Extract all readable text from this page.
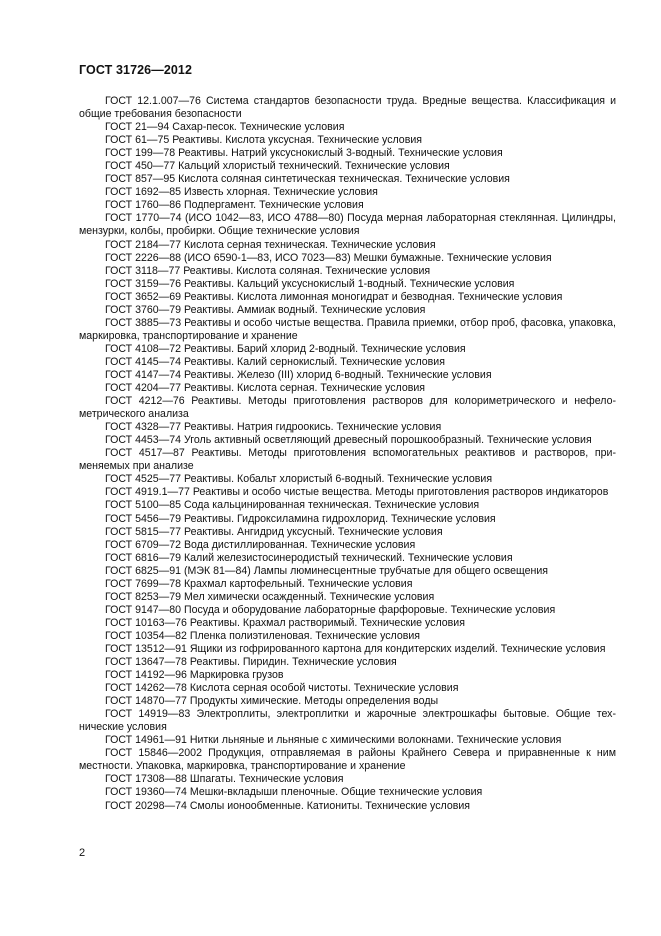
ГОСТ 31726—2012

ГОСТ 12.1.007—76 Система стандартов безопасности труда. Вредные вещества. Классификация и общие требования безопасности

ГОСТ 21—94 Сахар-песок. Технические условия

ГОСТ 61—75 Реактивы. Кислота уксусная. Технические условия

ГОСТ 199—78 Реактивы. Натрий уксуснокислый 3-водный. Технические условия

ГОСТ 450—77 Кальций хлористый технический. Технические условия

ГОСТ 857—95 Кислота соляная синтетическая техническая. Технические условия

ГОСТ 1692—85 Известь хлорная. Технические условия

ГОСТ 1760—86 Подпергамент. Технические условия

ГОСТ 1770—74 (ИСО 1042—83, ИСО 4788—80) Посуда мерная лабораторная стеклянная. Цилиндры, мензурки, колбы, пробирки. Общие технические условия

ГОСТ 2184—77 Кислота серная техническая. Технические условия

ГОСТ 2226—88 (ИСО 6590-1—83, ИСО 7023—83) Мешки бумажные. Технические условия

ГОСТ 3118—77 Реактивы. Кислота соляная. Технические условия

ГОСТ 3159—76 Реактивы. Кальций уксуснокислый 1-водный. Технические условия

ГОСТ 3652—69 Реактивы. Кислота лимонная моногидрат и безводная. Технические условия

ГОСТ 3760—79 Реактивы. Аммиак водный. Технические условия

ГОСТ 3885—73 Реактивы и особо чистые вещества. Правила приемки, отбор проб, фасовка, упаковка, маркировка, транспортирование и хранение

ГОСТ 4108—72 Реактивы. Барий хлорид 2-водный. Технические условия

ГОСТ 4145—74 Реактивы. Калий сернокислый. Технические условия

ГОСТ 4147—74 Реактивы. Железо (III) хлорид 6-водный. Технические условия

ГОСТ 4204—77 Реактивы. Кислота серная. Технические условия

ГОСТ 4212—76 Реактивы. Методы приготовления растворов для колориметрического и нефелометрического анализа

ГОСТ 4328—77 Реактивы. Натрия гидроокись. Технические условия

ГОСТ 4453—74 Уголь активный осветляющий древесный порошкообразный. Технические условия

ГОСТ 4517—87 Реактивы. Методы приготовления вспомогательных реактивов и растворов, применяемых при анализе

ГОСТ 4525—77 Реактивы. Кобальт хлористый 6-водный. Технические условия

ГОСТ 4919.1—77 Реактивы и особо чистые вещества. Методы приготовления растворов индикаторов

ГОСТ 5100—85 Сода кальцинированная техническая. Технические условия

ГОСТ 5456—79 Реактивы. Гидроксиламина гидрохлорид. Технические условия

ГОСТ 5815—77 Реактивы. Ангидрид уксусный. Технические условия

ГОСТ 6709—72 Вода дистиллированная. Технические условия

ГОСТ 6816—79 Калий железистосинеродистый технический. Технические условия

ГОСТ 6825—91 (МЭК 81—84) Лампы люминесцентные трубчатые для общего освещения

ГОСТ 7699—78 Крахмал картофельный. Технические условия

ГОСТ 8253—79 Мел химически осажденный. Технические условия

ГОСТ 9147—80 Посуда и оборудование лабораторные фарфоровые. Технические условия

ГОСТ 10163—76 Реактивы. Крахмал растворимый. Технические условия

ГОСТ 10354—82 Пленка полиэтиленовая. Технические условия

ГОСТ 13512—91 Ящики из гофрированного картона для кондитерских изделий. Технические условия

ГОСТ 13647—78 Реактивы. Пиридин. Технические условия

ГОСТ 14192—96 Маркировка грузов

ГОСТ 14262—78 Кислота серная особой чистоты. Технические условия

ГОСТ 14870—77 Продукты химические. Методы определения воды

ГОСТ 14919—83 Электроплиты, электроплитки и жарочные электрошкафы бытовые. Общие технические условия

ГОСТ 14961—91 Нитки льняные и льняные с химическими волокнами. Технические условия

ГОСТ 15846—2002 Продукция, отправляемая в районы Крайнего Севера и приравненные к ним местности. Упаковка, маркировка, транспортирование и хранение

ГОСТ 17308—88 Шпагаты. Технические условия

ГОСТ 19360—74 Мешки-вкладыши пленочные. Общие технические условия

ГОСТ 20298—74 Смолы ионообменные. Катиониты. Технические условия

2
